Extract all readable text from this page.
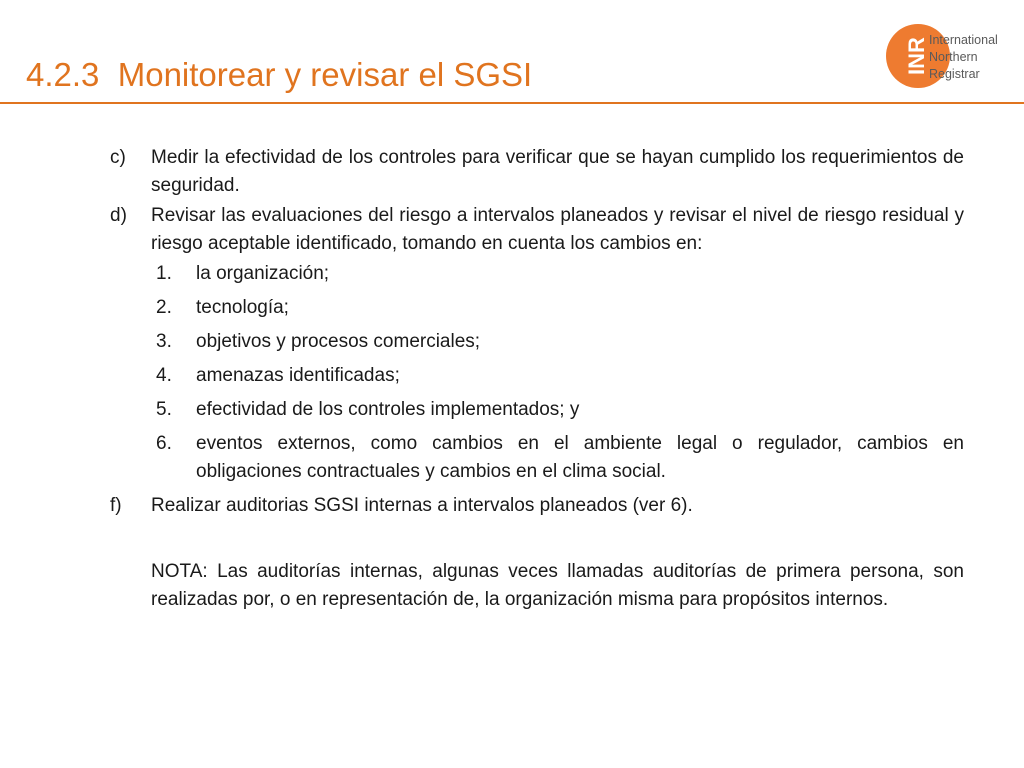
4.2.3  Monitorear y revisar el SGSI	INR International
Northern
Registrar
c) Medir la efectividad de los controles para verificar que se hayan cumplido los requerimientos de seguridad.
d) Revisar las evaluaciones del riesgo a intervalos planeados y revisar el nivel de riesgo residual y riesgo aceptable identificado, tomando en cuenta los cambios en:
1. la organización;
2. tecnología;
3. objetivos y procesos comerciales;
4. amenazas identificadas;
5. efectividad de los controles implementados; y
6. eventos externos, como cambios en el ambiente legal o regulador, cambios en obligaciones contractuales y cambios en el clima social.
f) Realizar auditorias SGSI internas a intervalos planeados (ver 6).
NOTA: Las auditorías internas, algunas veces llamadas auditorías de primera persona, son realizadas por, o en representación de, la organización misma para propósitos internos.
